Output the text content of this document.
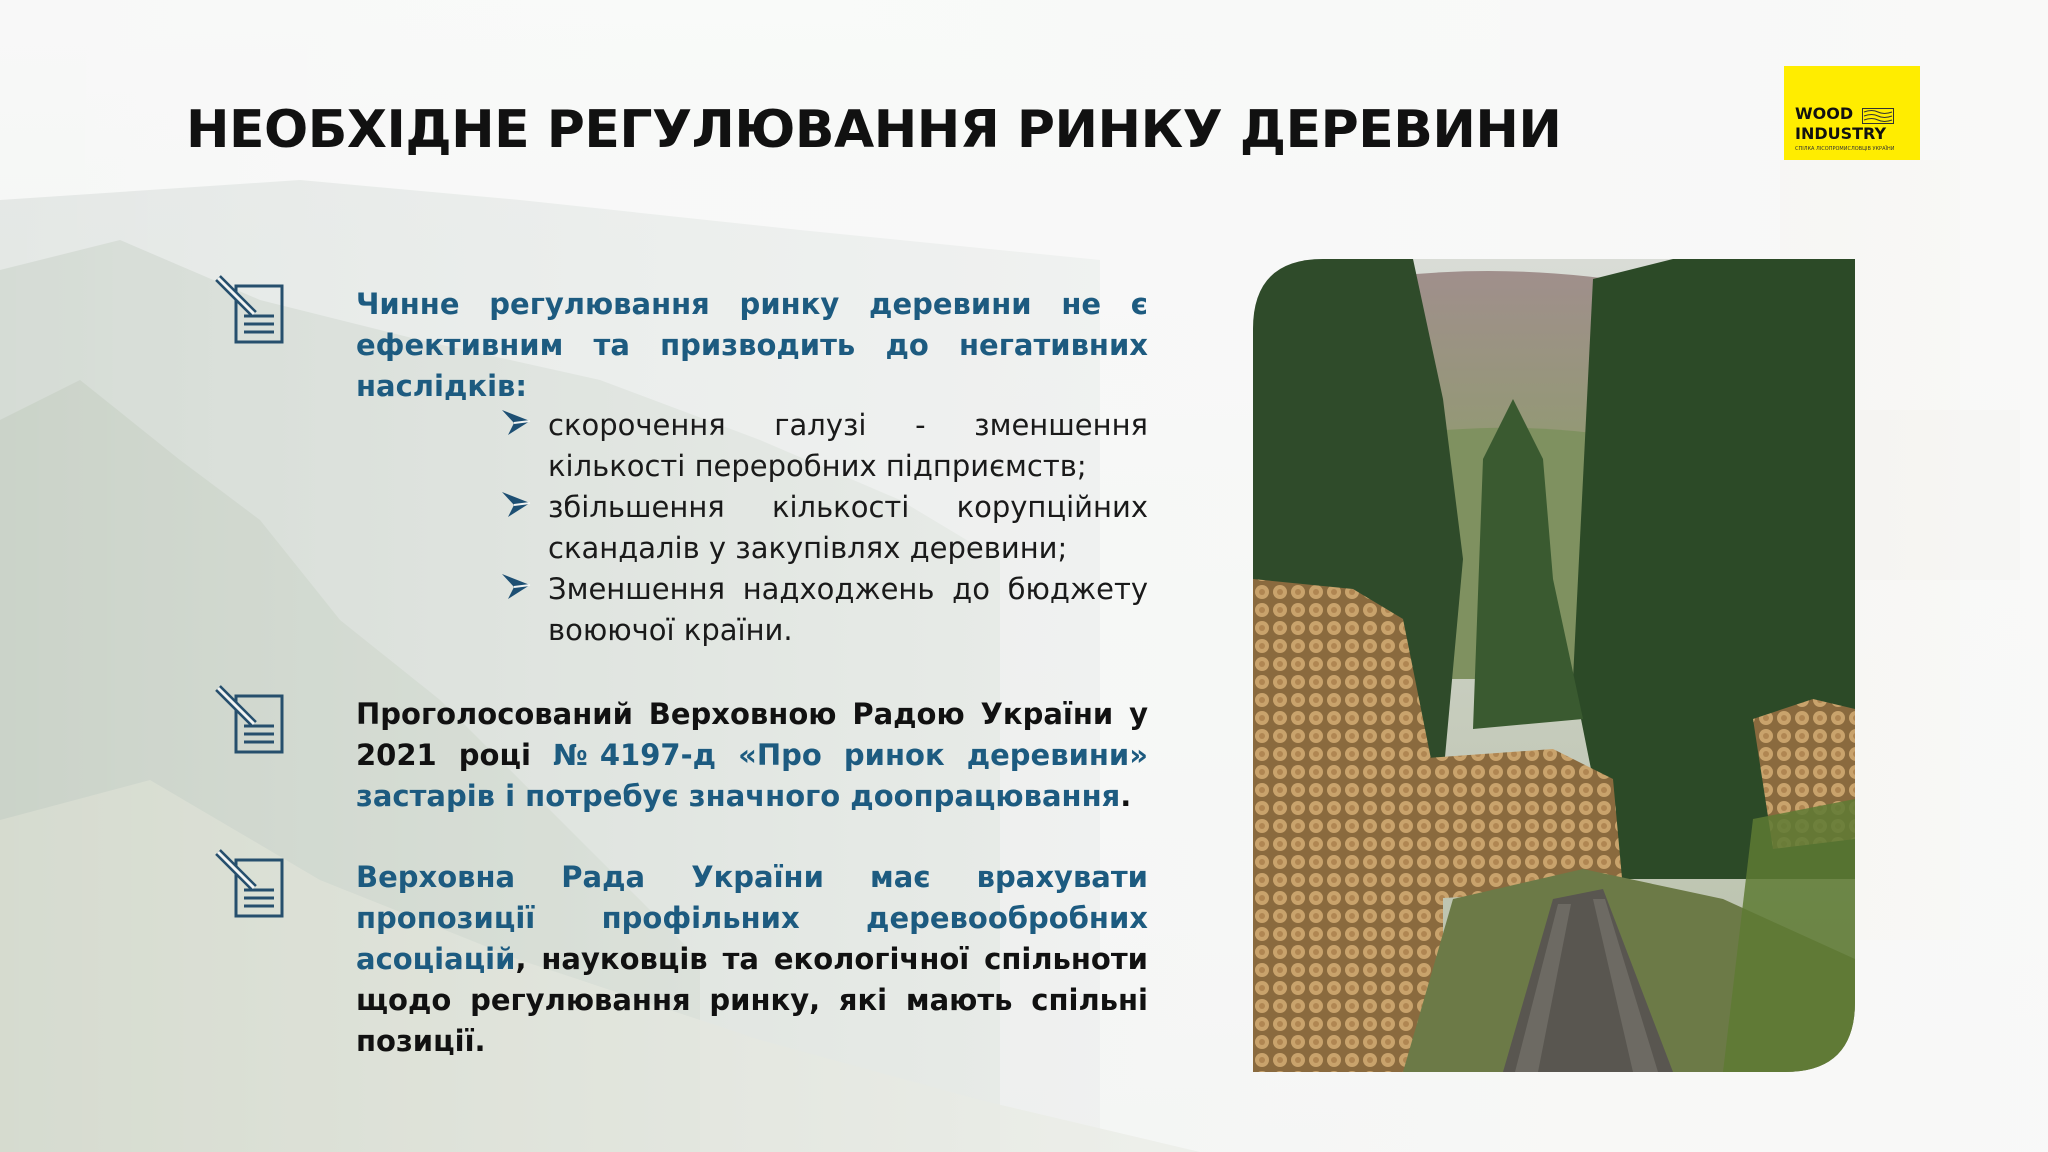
НЕОБХІДНЕ РЕГУЛЮВАННЯ РИНКУ ДЕРЕВИНИ	WOOD
INDUSTRY
СПІЛКА ЛІСОПРОМИСЛОВЦІВ УКРАЇНИ

Чинне регулювання ринку деревини не є ефективним та призводить до негативних наслідків:

скорочення галузі - зменшення кількості переробних підприємств;
збільшення кількості корупційних скандалів у закупівлях деревини;
Зменшення надходжень до бюджету воюючої країни.

Проголосований Верховною Радою України у 2021 році №4197-д «Про ринок деревини» застарів і потребує значного доопрацювання.

Верховна Рада України має врахувати пропозиції профільних деревообробних асоціацій, науковців та екологічної спільноти щодо регулювання ринку, які мають спільні позиції.
